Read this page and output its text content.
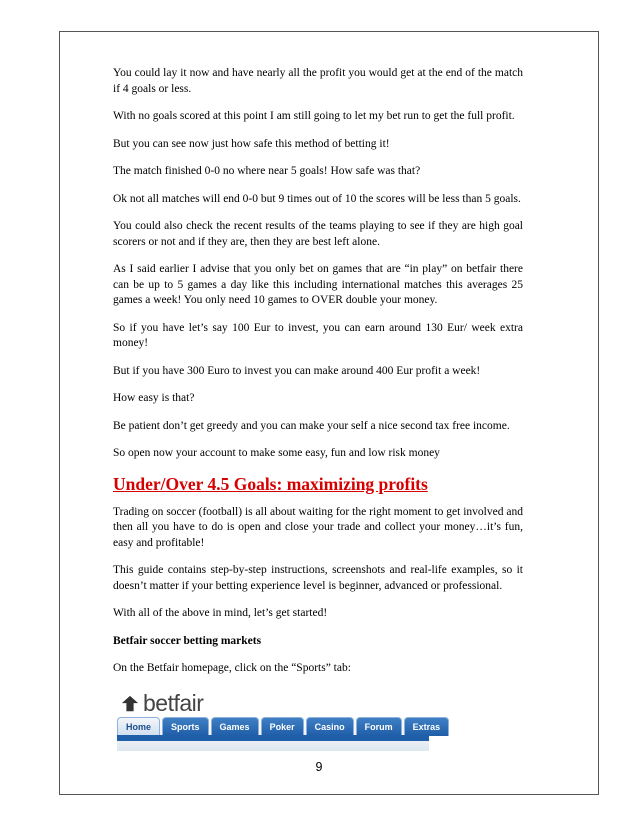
You could lay it now and have nearly all the profit you would get at the end of the match if 4 goals or less.

With no goals scored at this point I am still going to let my bet run to get the full profit.

But you can see now just how safe this method of betting it!

The match finished 0-0 no where near 5 goals! How safe was that?

Ok not all matches will end 0-0 but 9 times out of 10 the scores will be less than 5 goals.

You could also check the recent results of the teams playing to see if they are high goal scorers or not and if they are, then they are best left alone.

As I said earlier I advise that you only bet on games that are “in play” on betfair there can be up to 5 games a day like this including international matches this averages 25 games a week! You only need 10 games to OVER double your money.

So if you have let’s say 100 Eur to invest, you can earn around 130 Eur/ week extra money!

But if you have 300 Euro to invest you can make around 400 Eur profit a week!

How easy is that?

Be patient don’t get greedy and you can make your self a nice second tax free income.

So open now your account to make some easy, fun and low risk money

Under/Over 4.5 Goals: maximizing profits

Trading on soccer (football) is all about waiting for the right moment to get involved and then all you have to do is open and close your trade and collect your money…it’s fun, easy and profitable!

This guide contains step-by-step instructions, screenshots and real-life examples, so it doesn’t matter if your betting experience level is beginner, advanced or professional.

With all of the above in mind, let’s get started!

Betfair soccer betting markets

On the Betfair homepage, click on the “Sports” tab:

betfair
Home	Sports	Games	Poker	Casino	Forum	Extras
9
